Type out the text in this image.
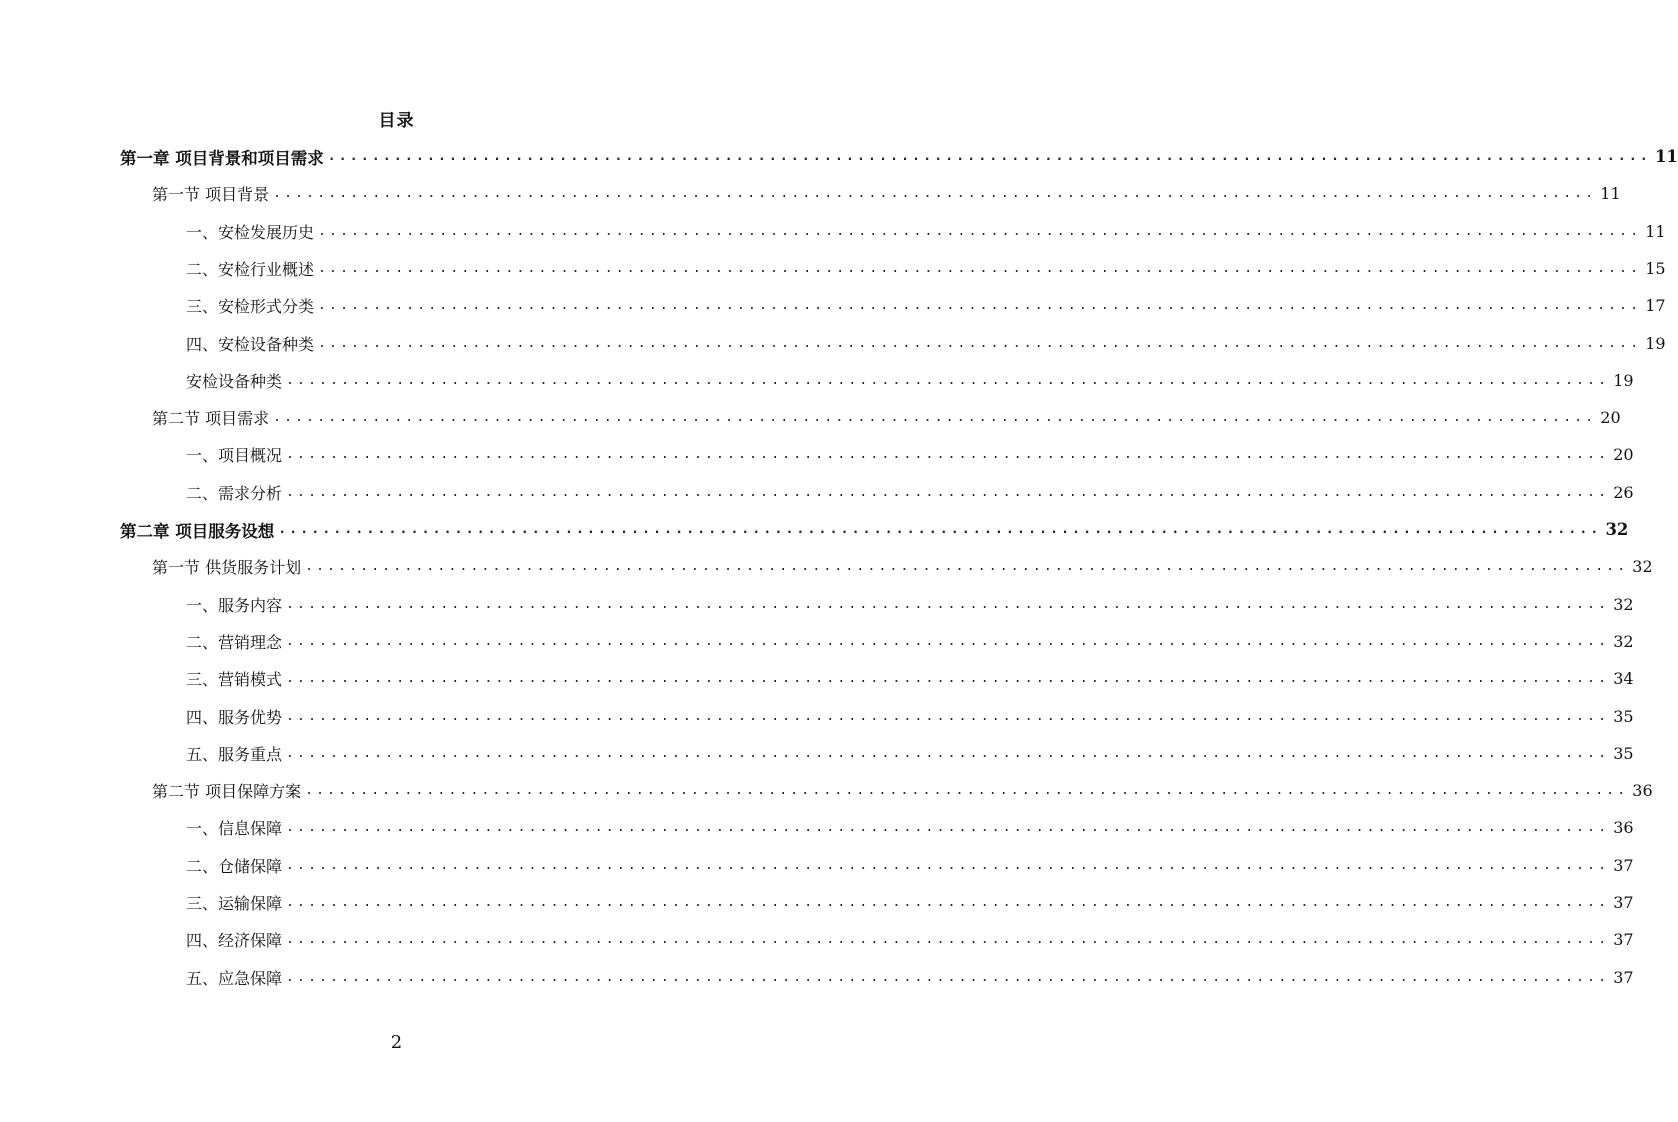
目录
第一章 项目背景和项目需求 ........................................................................................................................ 11
第一节 项目背景 ........................................................................................................................ 11
一、安检发展历史 ........................................................................................................................ 11
二、安检行业概述 ........................................................................................................................ 15
三、安检形式分类 ........................................................................................................................ 17
四、安检设备种类 ........................................................................................................................ 19
安检设备种类 ........................................................................................................................ 19
第二节 项目需求 ........................................................................................................................ 20
一、项目概况 ........................................................................................................................ 20
二、需求分析 ........................................................................................................................ 26
第二章 项目服务设想 ........................................................................................................................ 32
第一节 供货服务计划 ........................................................................................................................ 32
一、服务内容 ........................................................................................................................ 32
二、营销理念 ........................................................................................................................ 32
三、营销模式 ........................................................................................................................ 34
四、服务优势 ........................................................................................................................ 35
五、服务重点 ........................................................................................................................ 35
第二节 项目保障方案 ........................................................................................................................ 36
一、信息保障 ........................................................................................................................ 36
二、仓储保障 ........................................................................................................................ 37
三、运输保障 ........................................................................................................................ 37
四、经济保障 ........................................................................................................................ 37
五、应急保障 ........................................................................................................................ 37
2
